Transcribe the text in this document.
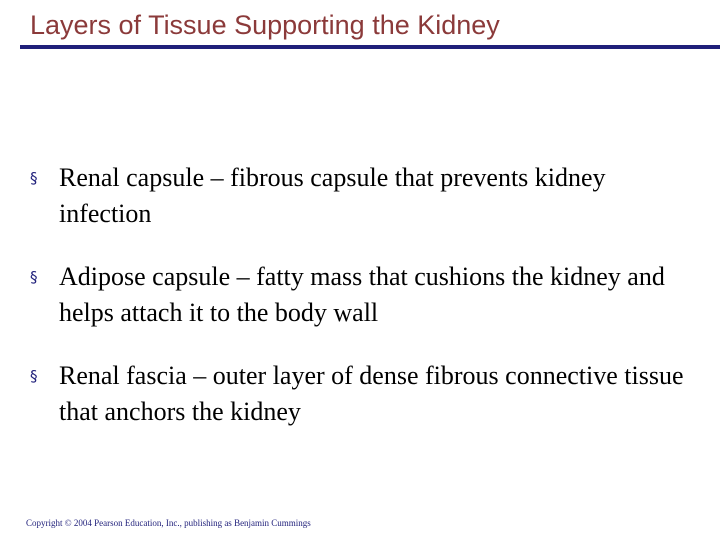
Layers of Tissue Supporting the Kidney
§ Renal capsule – fibrous capsule that prevents kidney infection
§ Adipose capsule – fatty mass that cushions the kidney and helps attach it to the body wall
§ Renal fascia – outer layer of dense fibrous connective tissue that anchors the kidney
Copyright © 2004 Pearson Education, Inc., publishing as Benjamin Cummings
